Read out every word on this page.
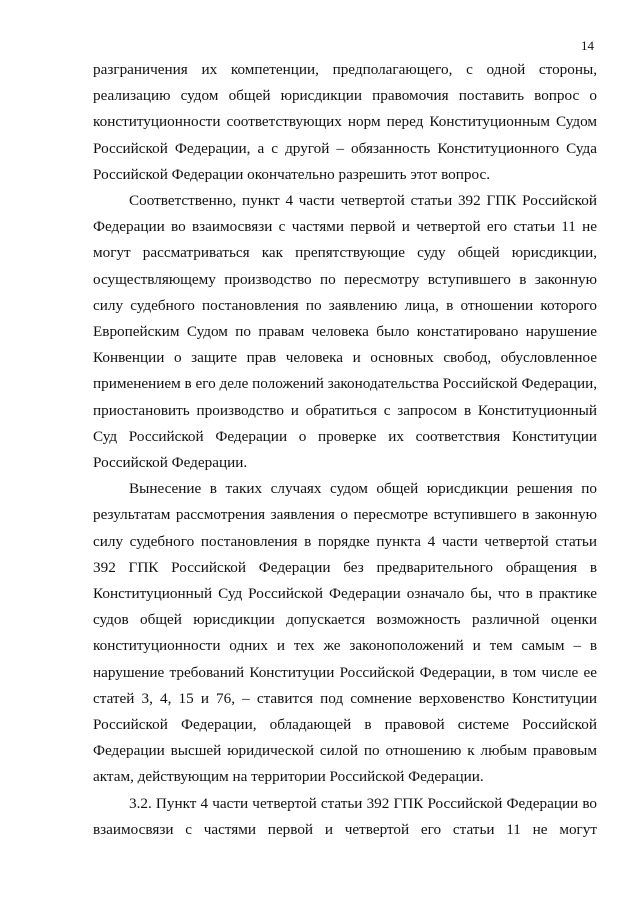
14

разграничения их компетенции, предполагающего, с одной стороны, реализацию судом общей юрисдикции правомочия поставить вопрос о конституционности соответствующих норм перед Конституционным Судом Российской Федерации, а с другой – обязанность Конституционного Суда Российской Федерации окончательно разрешить этот вопрос.

Соответственно, пункт 4 части четвертой статьи 392 ГПК Российской Федерации во взаимосвязи с частями первой и четвертой его статьи 11 не могут рассматриваться как препятствующие суду общей юрисдикции, осуществляющему производство по пересмотру вступившего в законную силу судебного постановления по заявлению лица, в отношении которого Европейским Судом по правам человека было констатировано нарушение Конвенции о защите прав человека и основных свобод, обусловленное применением в его деле положений законодательства Российской Федерации, приостановить производство и обратиться с запросом в Конституционный Суд Российской Федерации о проверке их соответствия Конституции Российской Федерации.

Вынесение в таких случаях судом общей юрисдикции решения по результатам рассмотрения заявления о пересмотре вступившего в законную силу судебного постановления в порядке пункта 4 части четвертой статьи 392 ГПК Российской Федерации без предварительного обращения в Конституционный Суд Российской Федерации означало бы, что в практике судов общей юрисдикции допускается возможность различной оценки конституционности одних и тех же законоположений и тем самым – в нарушение требований Конституции Российской Федерации, в том числе ее статей 3, 4, 15 и 76, – ставится под сомнение верховенство Конституции Российской Федерации, обладающей в правовой системе Российской Федерации высшей юридической силой по отношению к любым правовым актам, действующим на территории Российской Федерации.

3.2. Пункт 4 части четвертой статьи 392 ГПК Российской Федерации во взаимосвязи с частями первой и четвертой его статьи 11 не могут
